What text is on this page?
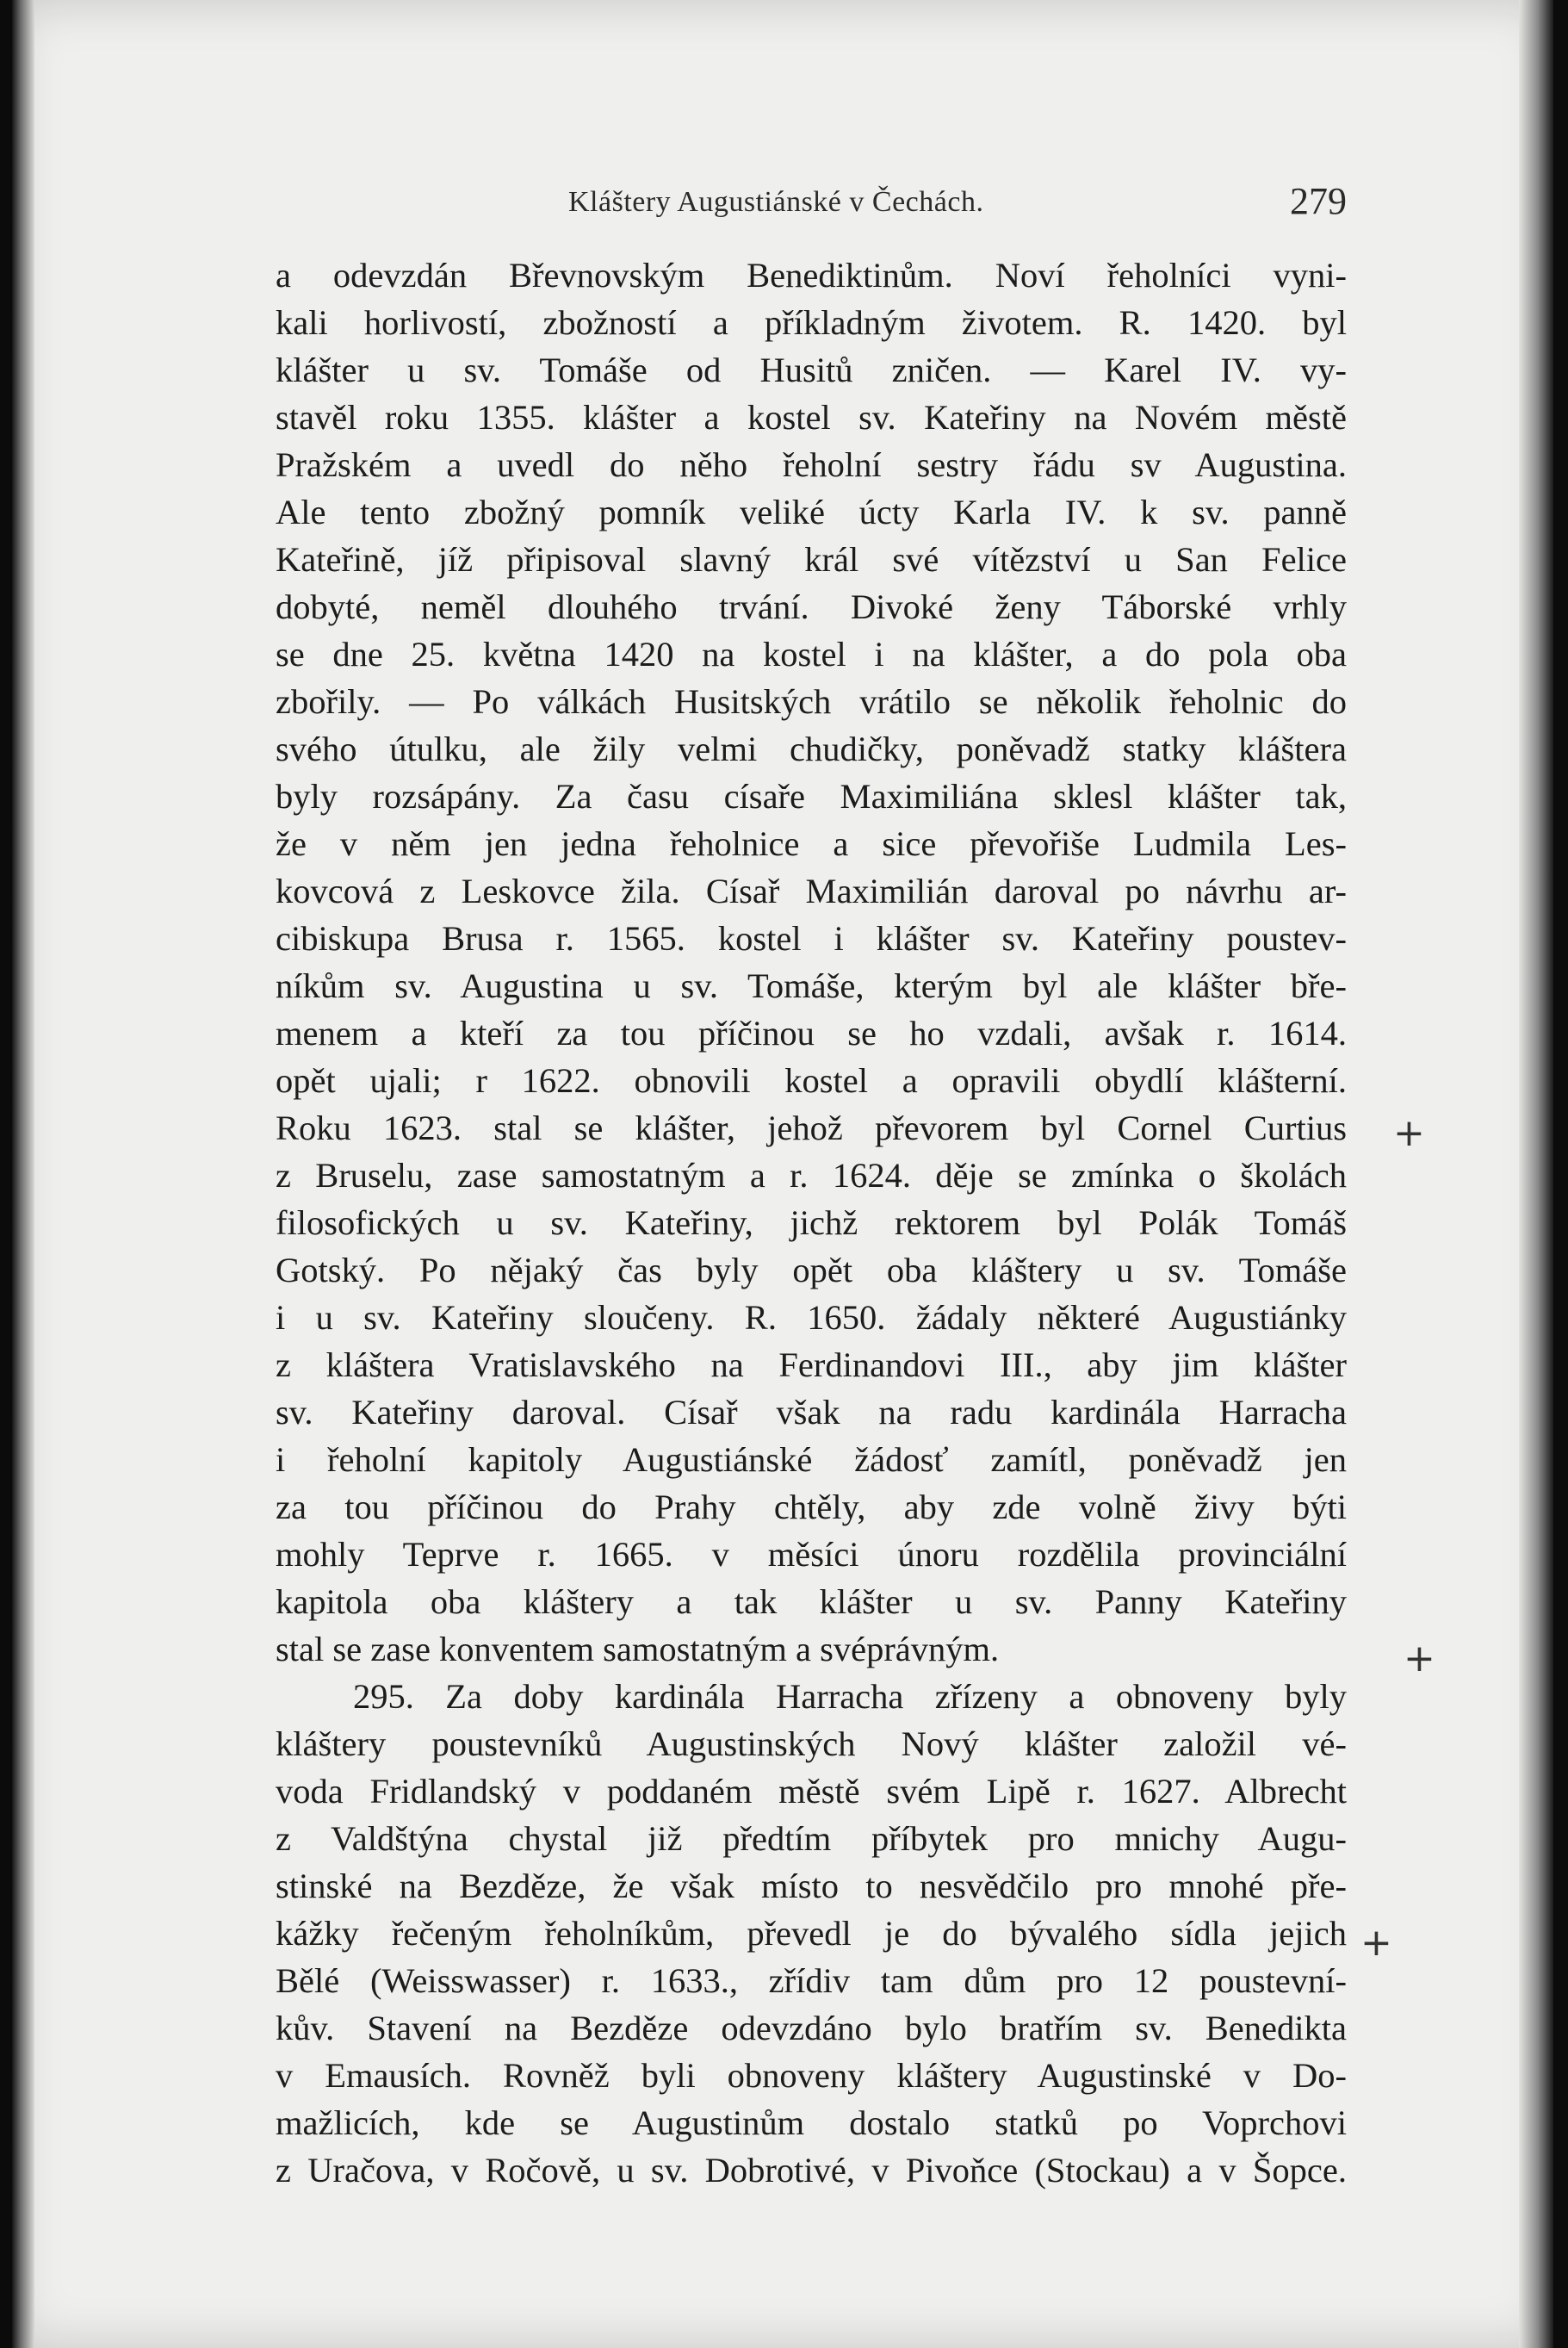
Kláštery Augustiánské v Čechách.	279
a odevzdán Břevnovským Benediktinům. Noví řeholníci vyni-
kali horlivostí, zbožností a příkladným životem. R. 1420. byl
klášter u sv. Tomáše od Husitů zničen. — Karel IV. vy-
stavěl roku 1355. klášter a kostel sv. Kateřiny na Novém městě
Pražském a uvedl do něho řeholní sestry řádu sv Augustina.
Ale tento zbožný pomník veliké úcty Karla IV. k sv. panně
Kateřině, jíž připisoval slavný král své vítězství u San Felice
dobyté, neměl dlouhého trvání. Divoké ženy Táborské vrhly
se dne 25. května 1420 na kostel i na klášter, a do pola oba
zbořily. — Po válkách Husitských vrátilo se několik řeholnic do
svého útulku, ale žily velmi chudičky, poněvadž statky kláštera
byly rozsápány. Za času císaře Maximiliána sklesl klášter tak,
že v něm jen jedna řeholnice a sice převořiše Ludmila Les-
kovcová z Leskovce žila. Císař Maximilián daroval po návrhu ar-
cibiskupa Brusa r. 1565. kostel i klášter sv. Kateřiny poustev-
níkům sv. Augustina u sv. Tomáše, kterým byl ale klášter bře-
menem a kteří za tou příčinou se ho vzdali, avšak r. 1614.
opět ujali; r 1622. obnovili kostel a opravili obydlí klášterní.
Roku 1623. stal se klášter, jehož převorem byl Cornel Curtius
z Bruselu, zase samostatným a r. 1624. děje se zmínka o školách
filosofických u sv. Kateřiny, jichž rektorem byl Polák Tomáš
Gotský. Po nějaký čas byly opět oba kláštery u sv. Tomáše
i u sv. Kateřiny sloučeny. R. 1650. žádaly některé Augustiánky
z kláštera Vratislavského na Ferdinandovi III., aby jim klášter
sv. Kateřiny daroval. Císař však na radu kardinála Harracha
i řeholní kapitoly Augustiánské žádosť zamítl, poněvadž jen
za tou příčinou do Prahy chtěly, aby zde volně živy býti
mohly Teprve r. 1665. v měsíci únoru rozdělila provinciální
kapitola oba kláštery a tak klášter u sv. Panny Kateřiny
stal se zase konventem samostatným a svéprávným.
295. Za doby kardinála Harracha zřízeny a obnoveny byly
kláštery poustevníků Augustinských Nový klášter založil vé-
voda Fridlandský v poddaném městě svém Lipě r. 1627. Albrecht
z Valdštýna chystal již předtím příbytek pro mnichy Augu-
stinské na Bezděze, že však místo to nesvědčilo pro mnohé pře-
kážky řečeným řeholníkům, převedl je do bývalého sídla jejich
Bělé (Weisswasser) r. 1633., zřídiv tam dům pro 12 poustevní-
kův. Stavení na Bezděze odevzdáno bylo bratřím sv. Benedikta
v Emausích. Rovněž byli obnoveny kláštery Augustinské v Do-
mažlicích, kde se Augustinům dostalo statků po Voprchovi
z Uračova, v Ročově, u sv. Dobrotivé, v Pivoňce (Stockau) a v Šopce.
+
+
+
